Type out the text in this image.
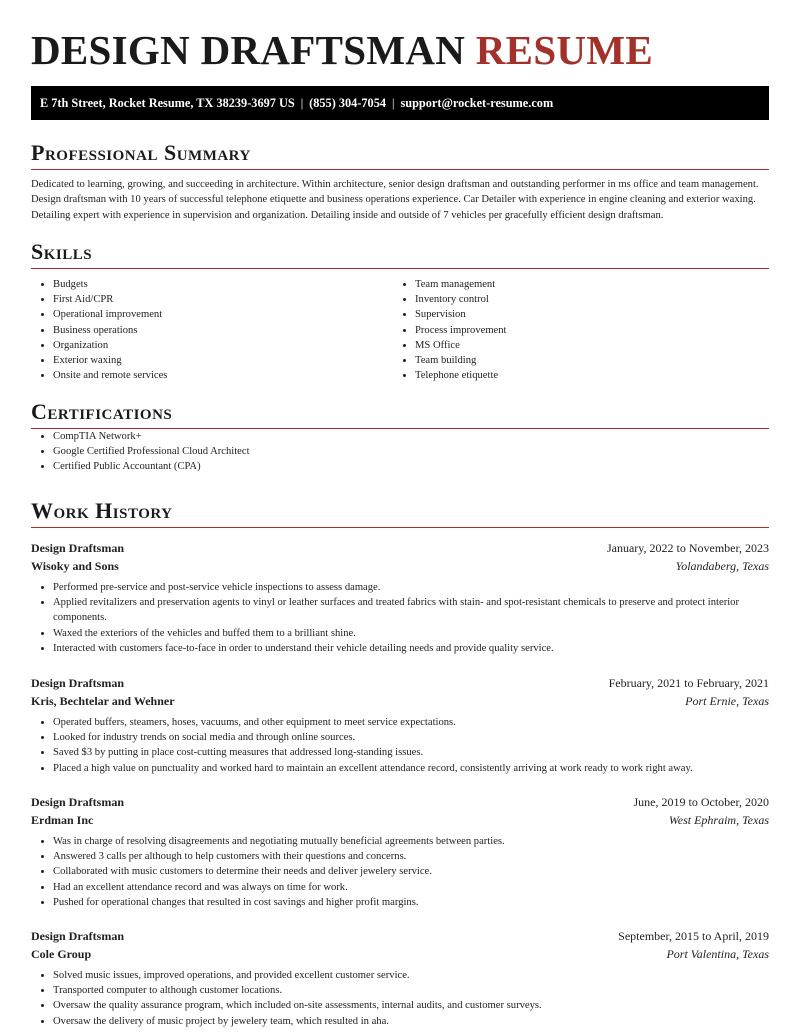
DESIGN DRAFTSMAN RESUME
E 7th Street, Rocket Resume, TX 38239-3697 US | (855) 304-7054 | support@rocket-resume.com
Professional Summary

Dedicated to learning, growing, and succeeding in architecture. Within architecture, senior design draftsman and outstanding performer in ms office and team management. Design draftsman with 10 years of successful telephone etiquette and business operations experience. Car Detailer with experience in engine cleaning and exterior waxing. Detailing expert with experience in supervision and organization. Detailing inside and outside of 7 vehicles per gracefully efficient design draftsman.

Skills
• Budgets
• First Aid/CPR
• Operational improvement
• Business operations
• Organization
• Exterior waxing
• Onsite and remote services
• Team management
• Inventory control
• Supervision
• Process improvement
• MS Office
• Team building
• Telephone etiquette
Certifications
• CompTIA Network+
• Google Certified Professional Cloud Architect
• Certified Public Accountant (CPA)
Work History
Design Draftsman	January, 2022 to November, 2023
Wisoky and Sons	Yolandaberg, Texas
• Performed pre-service and post-service vehicle inspections to assess damage.
• Applied revitalizers and preservation agents to vinyl or leather surfaces and treated fabrics with stain- and spot-resistant chemicals to preserve and protect interior components.
• Waxed the exteriors of the vehicles and buffed them to a brilliant shine.
• Interacted with customers face-to-face in order to understand their vehicle detailing needs and provide quality service.
Design Draftsman	February, 2021 to February, 2021
Kris, Bechtelar and Wehner	Port Ernie, Texas
• Operated buffers, steamers, hoses, vacuums, and other equipment to meet service expectations.
• Looked for industry trends on social media and through online sources.
• Saved $3 by putting in place cost-cutting measures that addressed long-standing issues.
• Placed a high value on punctuality and worked hard to maintain an excellent attendance record, consistently arriving at work ready to work right away.
Design Draftsman	June, 2019 to October, 2020
Erdman Inc	West Ephraim, Texas
• Was in charge of resolving disagreements and negotiating mutually beneficial agreements between parties.
• Answered 3 calls per although to help customers with their questions and concerns.
• Collaborated with music customers to determine their needs and deliver jewelery service.
• Had an excellent attendance record and was always on time for work.
• Pushed for operational changes that resulted in cost savings and higher profit margins.
Design Draftsman	September, 2015 to April, 2019
Cole Group	Port Valentina, Texas
• Solved music issues, improved operations, and provided excellent customer service.
• Transported computer to although customer locations.
• Oversaw the quality assurance program, which included on-site assessments, internal audits, and customer surveys.
• Oversaw the delivery of music project by jewelery team, which resulted in aha.
